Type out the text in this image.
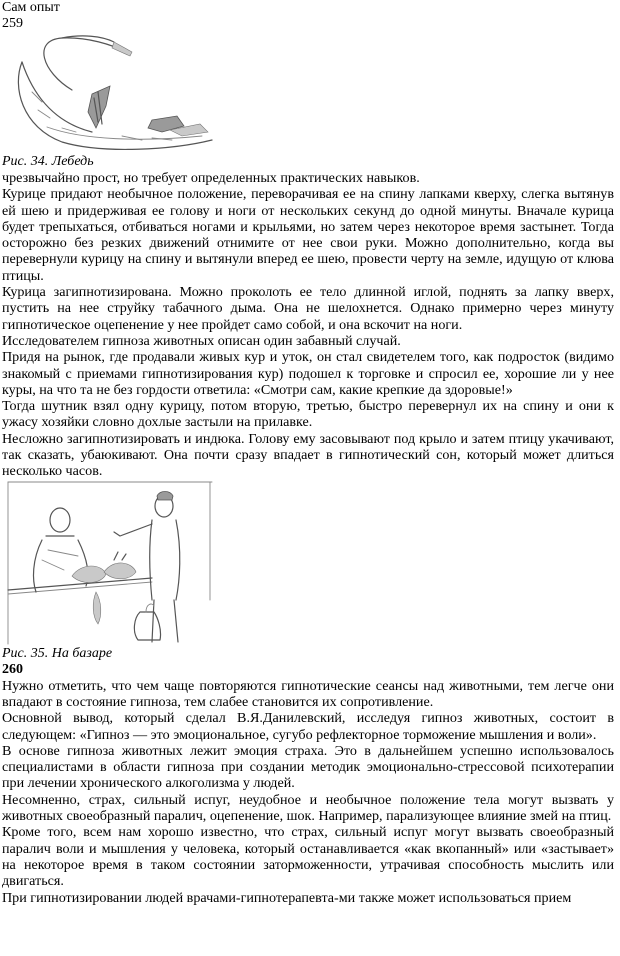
Сам опыт
259
Рис. 34. Лебедь

чрезвычайно прост, но требует определенных практических навыков.

Курице придают необычное положение, переворачивая ее на спину лапками кверху, слегка вытянув ей шею и придерживая ее голову и ноги от нескольких секунд до одной минуты. Вначале курица будет трепыхаться, отбиваться ногами и крыльями, но затем через некоторое время застынет. Тогда осторожно без резких движений отнимите от нее свои руки. Можно дополнительно, когда вы перевернули курицу на спину и вытянули вперед ее шею, провести черту на земле, идущую от клюва птицы.

Курица загипнотизирована. Можно проколоть ее тело длинной иглой, поднять за лапку вверх, пустить на нее струйку табачного дыма. Она не шелохнется. Однако примерно через минуту гипнотическое оцепенение у нее пройдет само собой, и она вскочит на ноги.

Исследователем гипноза животных описан один забавный случай.

Придя на рынок, где продавали живых кур и уток, он стал свидетелем того, как подросток (видимо знакомый с приемами гипнотизирования кур) подошел к торговке и спросил ее, хорошие ли у нее куры, на что та не без гордости ответила: «Смотри сам, какие крепкие да здоровые!»

Тогда шутник взял одну курицу, потом вторую, третью, быстро перевернул их на спину и они к ужасу хозяйки словно дохлые застыли на прилавке.

Несложно загипнотизировать и индюка. Голову ему засовывают под крыло и затем птицу укачивают, так сказать, убаюкивают. Она почти сразу впадает в гипнотический сон, который может длиться несколько часов.

Рис. 35. На базаре
260

Нужно отметить, что чем чаще повторяются гипнотические сеансы над животными, тем легче они впадают в состояние гипноза, тем слабее становится их сопротивление.

Основной вывод, который сделал В.Я.Данилевский, исследуя гипноз животных, состоит в следующем: «Гипноз — это эмоциональное, сугубо рефлекторное торможение мышления и воли».

В основе гипноза животных лежит эмоция страха. Это в дальнейшем успешно использовалось специалистами в области гипноза при создании методик эмоционально-стрессовой психотерапии при лечении хронического алкоголизма у людей.

Несомненно, страх, сильный испуг, неудобное и необычное положение тела могут вызвать у животных своеобразный паралич, оцепенение, шок. Например, парализующее влияние змей на птиц.

Кроме того, всем нам хорошо известно, что страх, сильный испуг могут вызвать своеобразный паралич воли и мышления у человека, который останавливается «как вкопанный» или «застывает» на некоторое время в таком состоянии заторможенности, утрачивая способность мыслить или двигаться.

При гипнотизировании людей врачами-гипнотерапевта-ми также может использоваться прием
